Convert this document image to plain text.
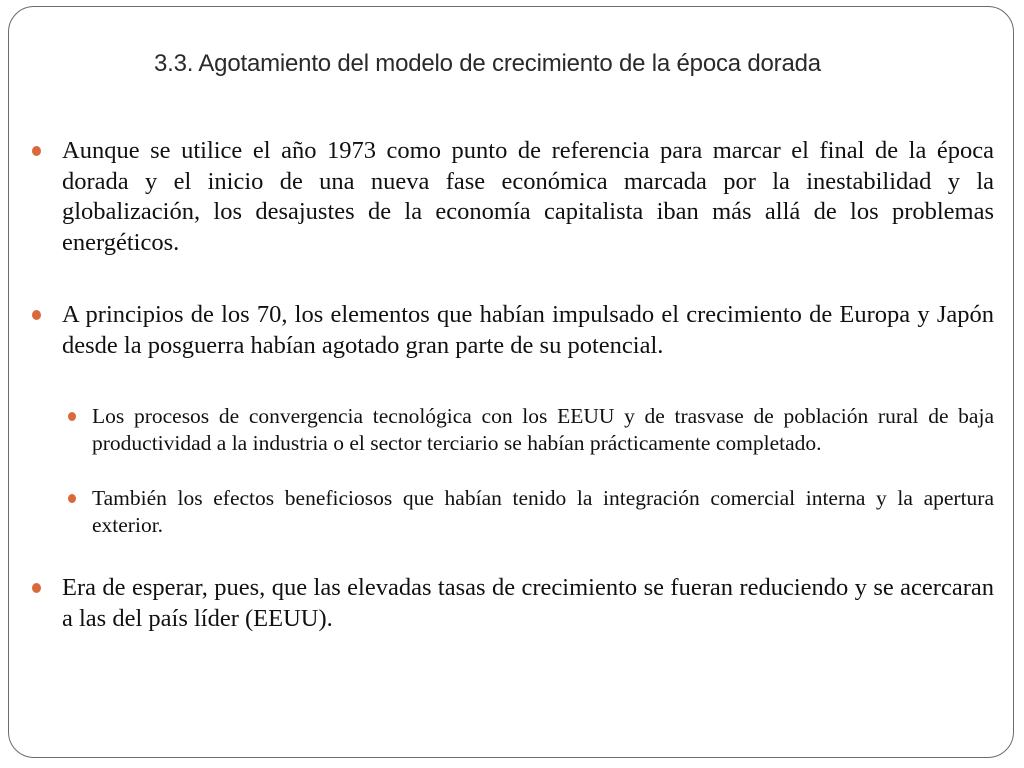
3.3. Agotamiento del modelo de crecimiento de la época dorada
Aunque se utilice el año 1973 como punto de referencia para marcar el final de la época dorada y el inicio de una nueva fase económica marcada por la inestabilidad y la globalización, los desajustes de la economía capitalista iban más allá de los problemas energéticos.
A principios de los 70, los elementos que habían impulsado el crecimiento de Europa y Japón desde la posguerra habían agotado gran parte de su potencial.
Los procesos de convergencia tecnológica con los EEUU y de trasvase de población rural de baja productividad a la industria o el sector terciario se habían prácticamente completado.
También los efectos beneficiosos que habían tenido la integración comercial interna y la apertura exterior.
Era de esperar, pues, que las elevadas tasas de crecimiento se fueran reduciendo y se acercaran a las del país líder (EEUU).
